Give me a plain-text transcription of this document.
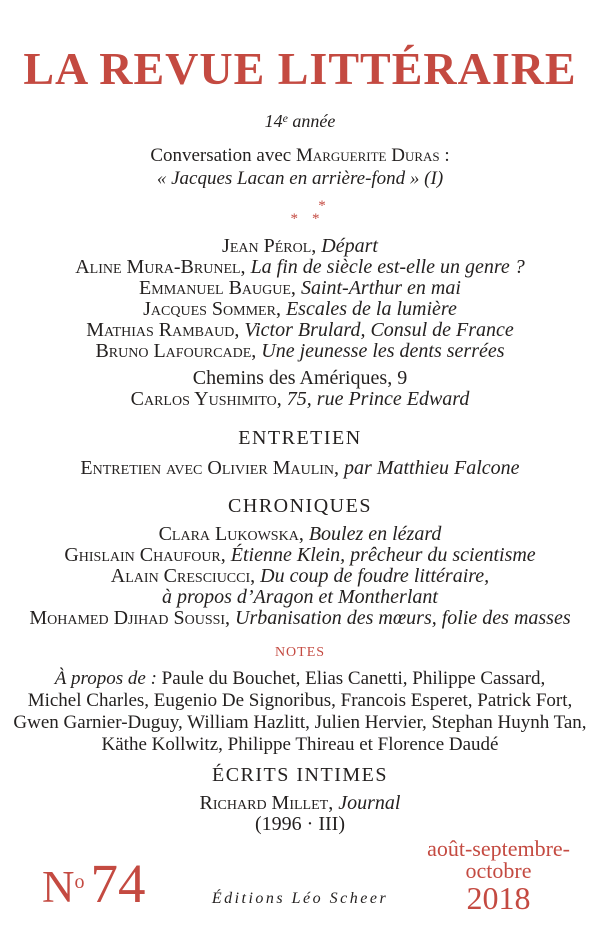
LA REVUE LITTÉRAIRE
14e année
Conversation avec Marguerite Duras :
« Jacques Lacan en arrière-fond » (I)
*
* *
Jean Pérol, Départ
Aline Mura-Brunel, La fin de siècle est-elle un genre ?
Emmanuel Baugue, Saint-Arthur en mai
Jacques Sommer, Escales de la lumière
Mathias Rambaud, Victor Brulard, Consul de France
Bruno Lafourcade, Une jeunesse les dents serrées
Chemins des Amériques, 9
Carlos Yushimito, 75, rue Prince Edward
ENTRETIEN
Entretien avec Olivier Maulin, par Matthieu Falcone
CHRONIQUES
Clara Lukowska, Boulez en lézard
Ghislain Chaufour, Étienne Klein, prêcheur du scientisme
Alain Cresciucci, Du coup de foudre littéraire,
à propos d’Aragon et Montherlant
Mohamed Djihad Soussi, Urbanisation des mœurs, folie des masses
NOTES
À propos de : Paule du Bouchet, Elias Canetti, Philippe Cassard,
Michel Charles, Eugenio De Signoribus, Francois Esperet, Patrick Fort,
Gwen Garnier-Duguy, William Hazlitt, Julien Hervier, Stephan Huynh Tan,
Käthe Kollwitz, Philippe Thireau et Florence Daudé
ÉCRITS INTIMES
Richard Millet, Journal
(1996 · III)
No 74	Éditions Léo Scheer
août-septembre-
octobre
2018
